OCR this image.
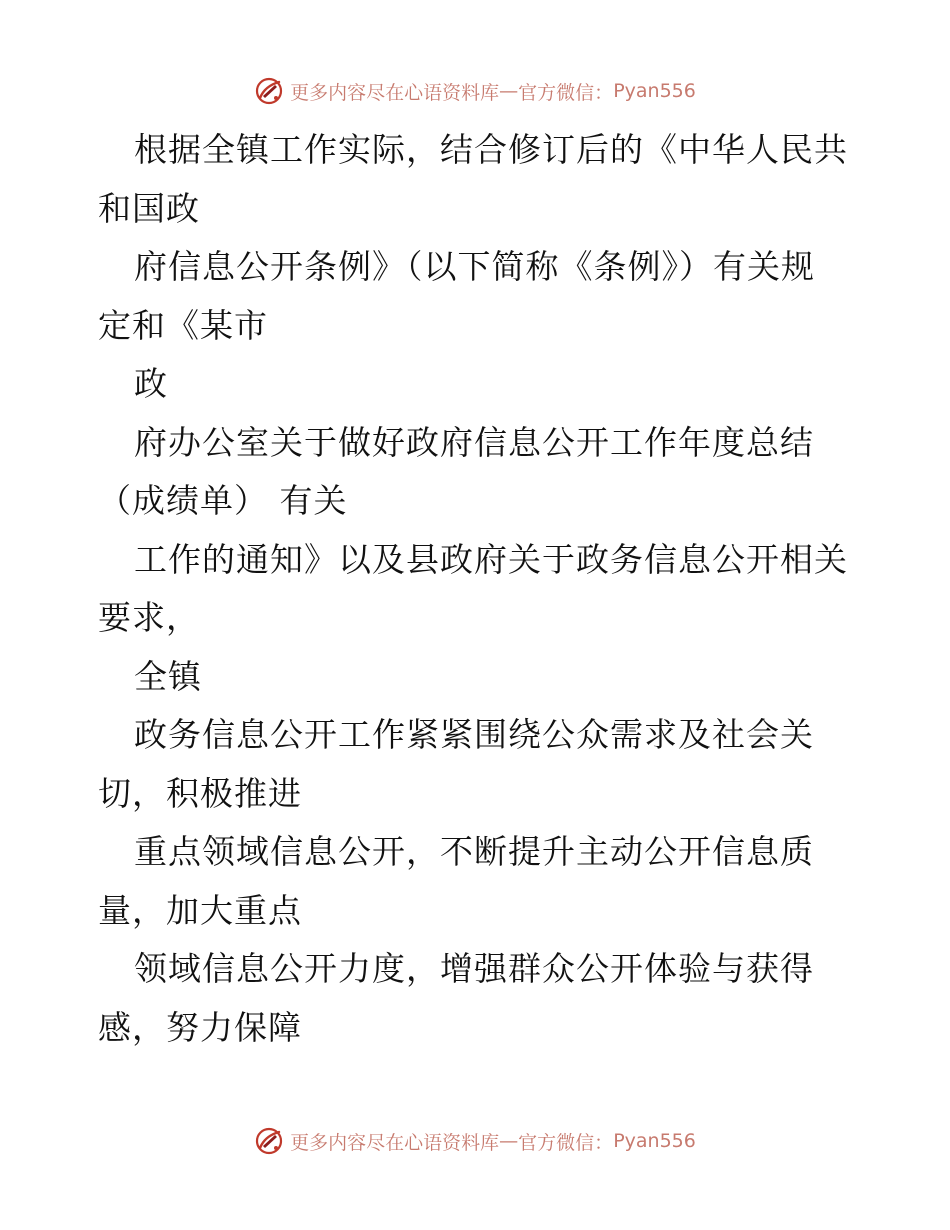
更多内容尽在心语资料库 — 官方微信： Pyan556
根据全镇工作实际，结合修订后的《中华人民共
和国政
府信息公开条例》（以下简称《条例》）有关规
定和《某市
政
府办公室关于做好政府信息公开工作年度总结
（成绩单） 有关
工作的通知》以及县政府关于政务信息公开相关
要求，
全镇
政务信息公开工作紧紧围绕公众需求及社会关
切，积极推进
重点领域信息公开，不断提升主动公开信息质
量，加大重点
领域信息公开力度，增强群众公开体验与获得
感，努力保障
更多内容尽在心语资料库 — 官方微信： Pyan556
